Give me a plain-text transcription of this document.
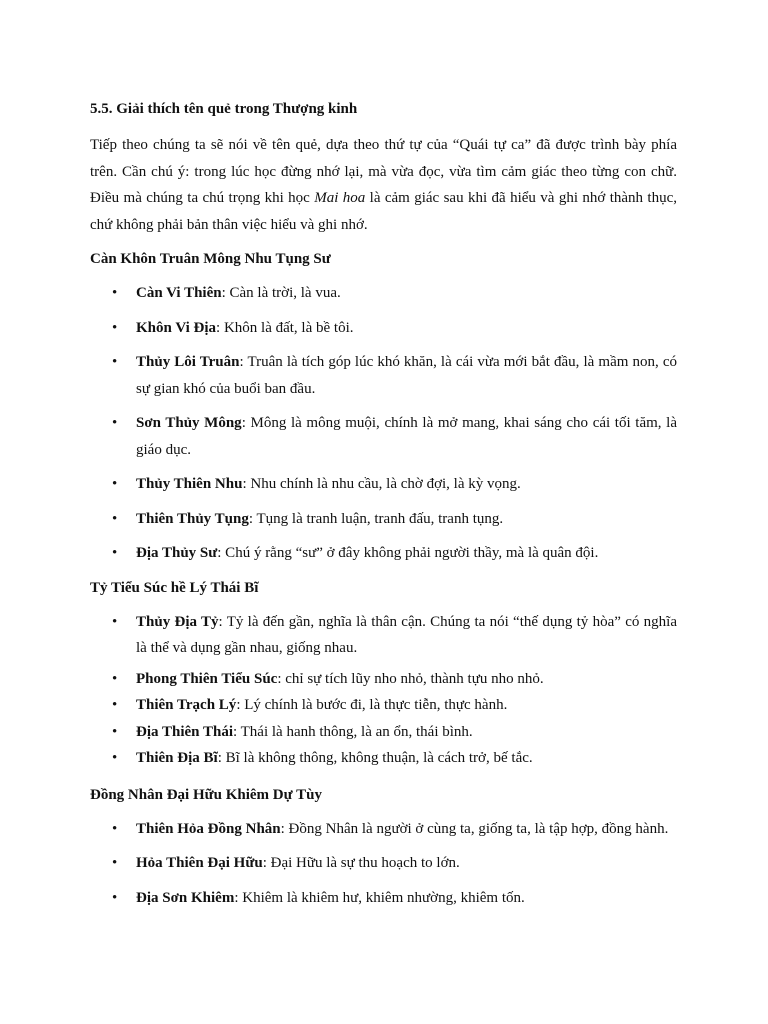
5.5. Giải thích tên quẻ trong Thượng kinh

Tiếp theo chúng ta sẽ nói về tên quẻ, dựa theo thứ tự của “Quái tự ca” đã được trình bày phía trên. Cần chú ý: trong lúc học đừng nhớ lại, mà vừa đọc, vừa tìm cảm giác theo từng con chữ. Điều mà chúng ta chú trọng khi học Mai hoa là cảm giác sau khi đã hiểu và ghi nhớ thành thục, chứ không phải bản thân việc hiểu và ghi nhớ.

Càn Khôn Truân Mông Nhu Tụng Sư
• Càn Vi Thiên: Càn là trời, là vua.
• Khôn Vi Địa: Khôn là đất, là bề tôi.
• Thủy Lôi Truân: Truân là tích góp lúc khó khăn, là cái vừa mới bắt đầu, là mầm non, có sự gian khó của buổi ban đầu.
• Sơn Thủy Mông: Mông là mông muội, chính là mở mang, khai sáng cho cái tối tăm, là giáo dục.
• Thủy Thiên Nhu: Nhu chính là nhu cầu, là chờ đợi, là kỳ vọng.
• Thiên Thủy Tụng: Tụng là tranh luận, tranh đấu, tranh tụng.
• Địa Thủy Sư: Chú ý rằng “sư” ở đây không phải người thầy, mà là quân đội.
Tỷ Tiểu Súc hề Lý Thái Bĩ
• Thủy Địa Tỷ: Tỷ là đến gần, nghĩa là thân cận. Chúng ta nói “thế dụng tỷ hòa” có nghĩa là thể và dụng gần nhau, giống nhau.
• Phong Thiên Tiểu Súc: chỉ sự tích lũy nho nhỏ, thành tựu nho nhỏ.
• Thiên Trạch Lý: Lý chính là bước đi, là thực tiễn, thực hành.
• Địa Thiên Thái: Thái là hanh thông, là an ổn, thái bình.
• Thiên Địa Bĩ: Bĩ là không thông, không thuận, là cách trở, bế tắc.
Đồng Nhân Đại Hữu Khiêm Dự Tùy
• Thiên Hỏa Đồng Nhân: Đồng Nhân là người ở cùng ta, giống ta, là tập hợp, đồng hành.
• Hỏa Thiên Đại Hữu: Đại Hữu là sự thu hoạch to lớn.
• Địa Sơn Khiêm: Khiêm là khiêm hư, khiêm nhường, khiêm tốn.
